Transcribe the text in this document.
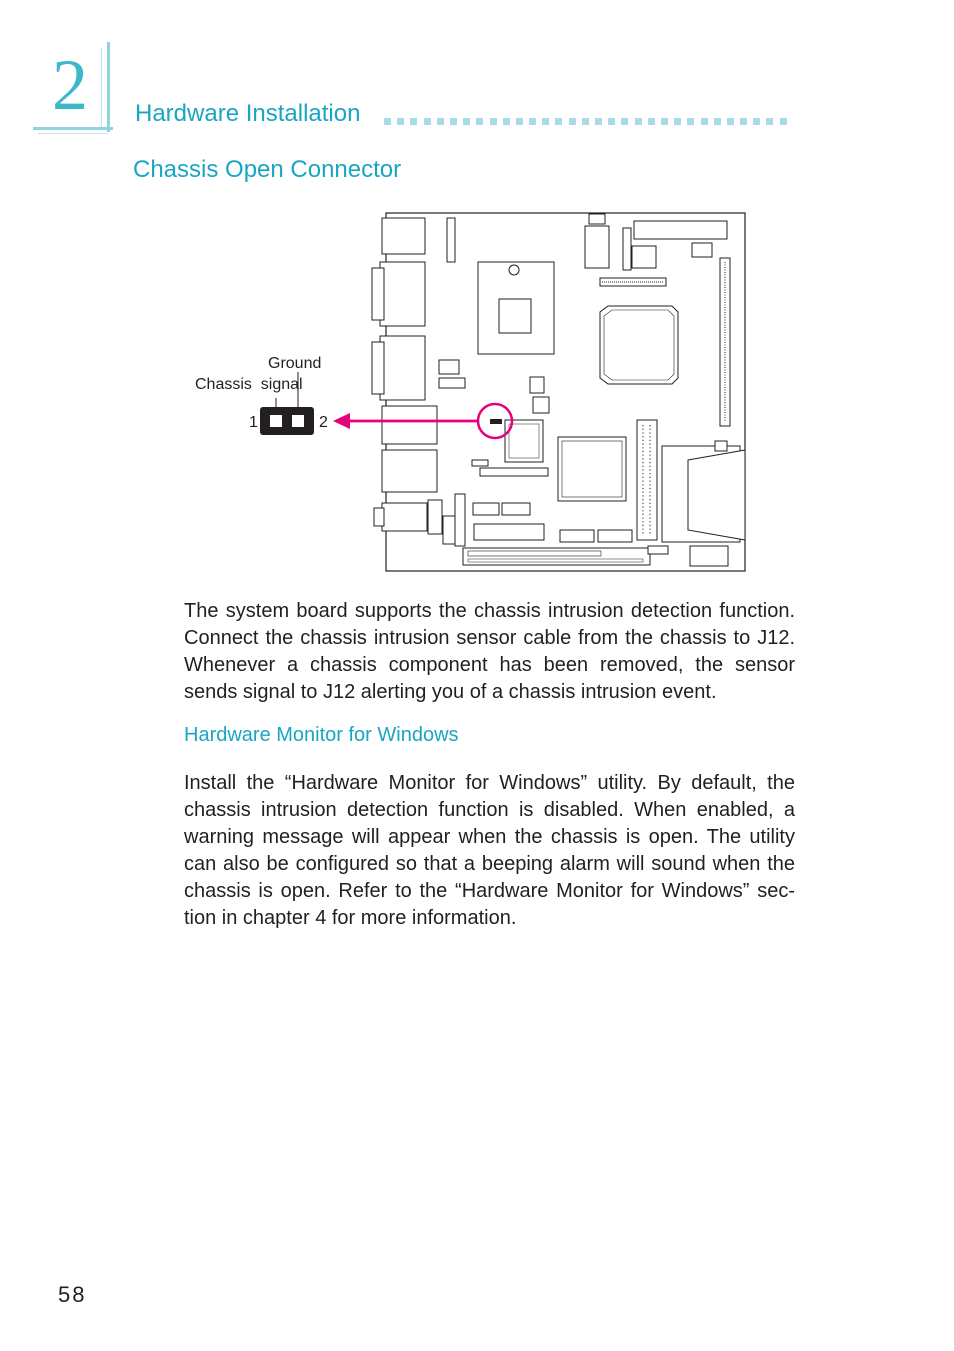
2 Hardware Installation
Chassis Open Connector
Ground
Chassis  signal
1	2
The system board supports the chassis intrusion detection function. Connect the chassis intrusion sensor cable from the chassis to J12. Whenever a chassis component has been removed, the sensor sends signal to J12 alerting you of a chassis intrusion event.
Hardware Monitor for Windows
Install the “Hardware Monitor for Windows” utility. By default, the chassis intrusion detection function is disabled. When enabled, a warning message will appear when the chassis is open. The utility can also be configured so that a beeping alarm will sound when the chassis is open. Refer to the “Hardware Monitor for Windows” sec-tion in chapter 4 for more information.
58
